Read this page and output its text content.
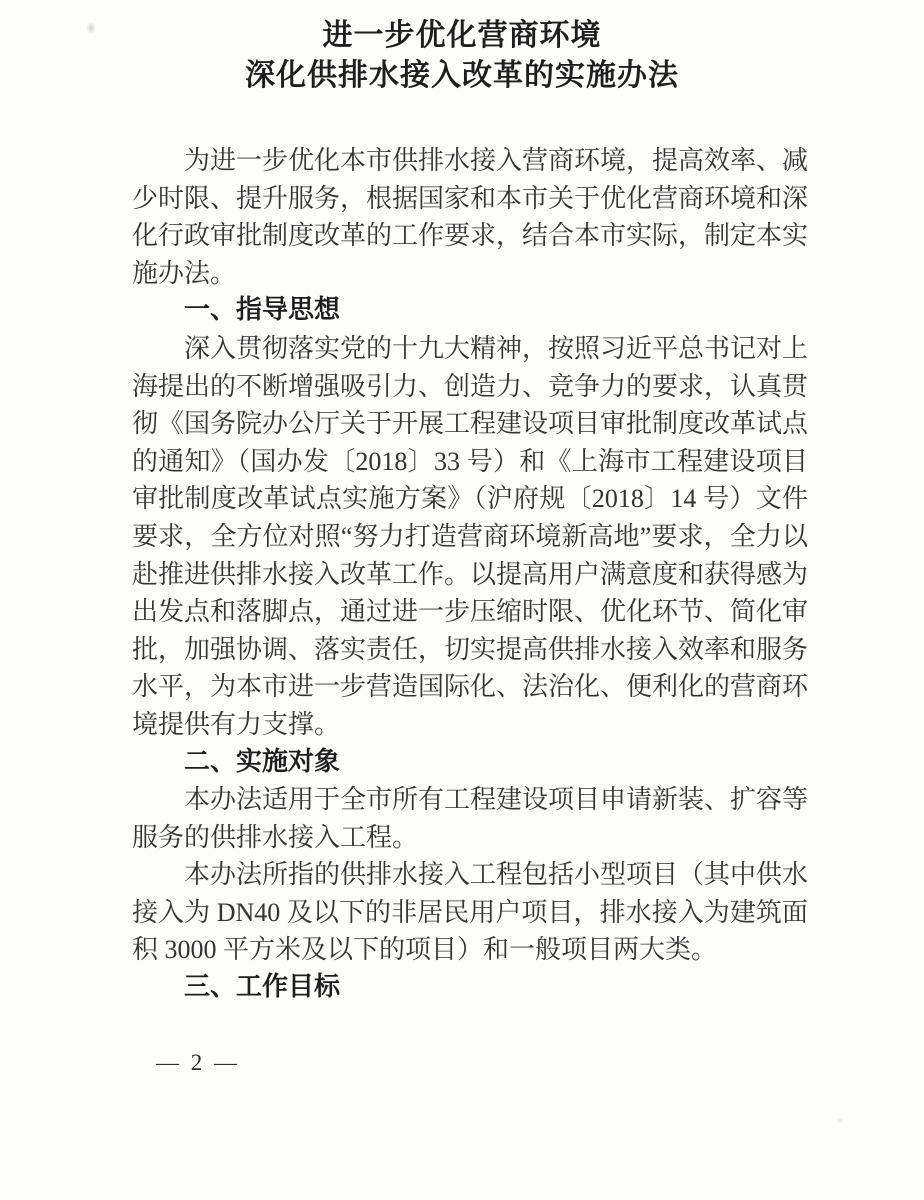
进一步优化营商环境
深化供排水接入改革的实施办法

为进一步优化本市供排水接入营商环境，提高效率、减少时限、提升服务，根据国家和本市关于优化营商环境和深化行政审批制度改革的工作要求，结合本市实际，制定本实施办法。

一、指导思想

深入贯彻落实党的十九大精神，按照习近平总书记对上海提出的不断增强吸引力、创造力、竞争力的要求，认真贯彻《国务院办公厅关于开展工程建设项目审批制度改革试点的通知》（国办发〔2018〕33 号）和《上海市工程建设项目审批制度改革试点实施方案》（沪府规〔2018〕14 号）文件要求，全方位对照“努力打造营商环境新高地”要求，全力以赴推进供排水接入改革工作。以提高用户满意度和获得感为出发点和落脚点，通过进一步压缩时限、优化环节、简化审批，加强协调、落实责任，切实提高供排水接入效率和服务水平，为本市进一步营造国际化、法治化、便利化的营商环境提供有力支撑。

二、实施对象

本办法适用于全市所有工程建设项目申请新装、扩容等服务的供排水接入工程。

本办法所指的供排水接入工程包括小型项目（其中供水接入为 DN40 及以下的非居民用户项目，排水接入为建筑面积 3000 平方米及以下的项目）和一般项目两大类。

三、工作目标

— 2 —
